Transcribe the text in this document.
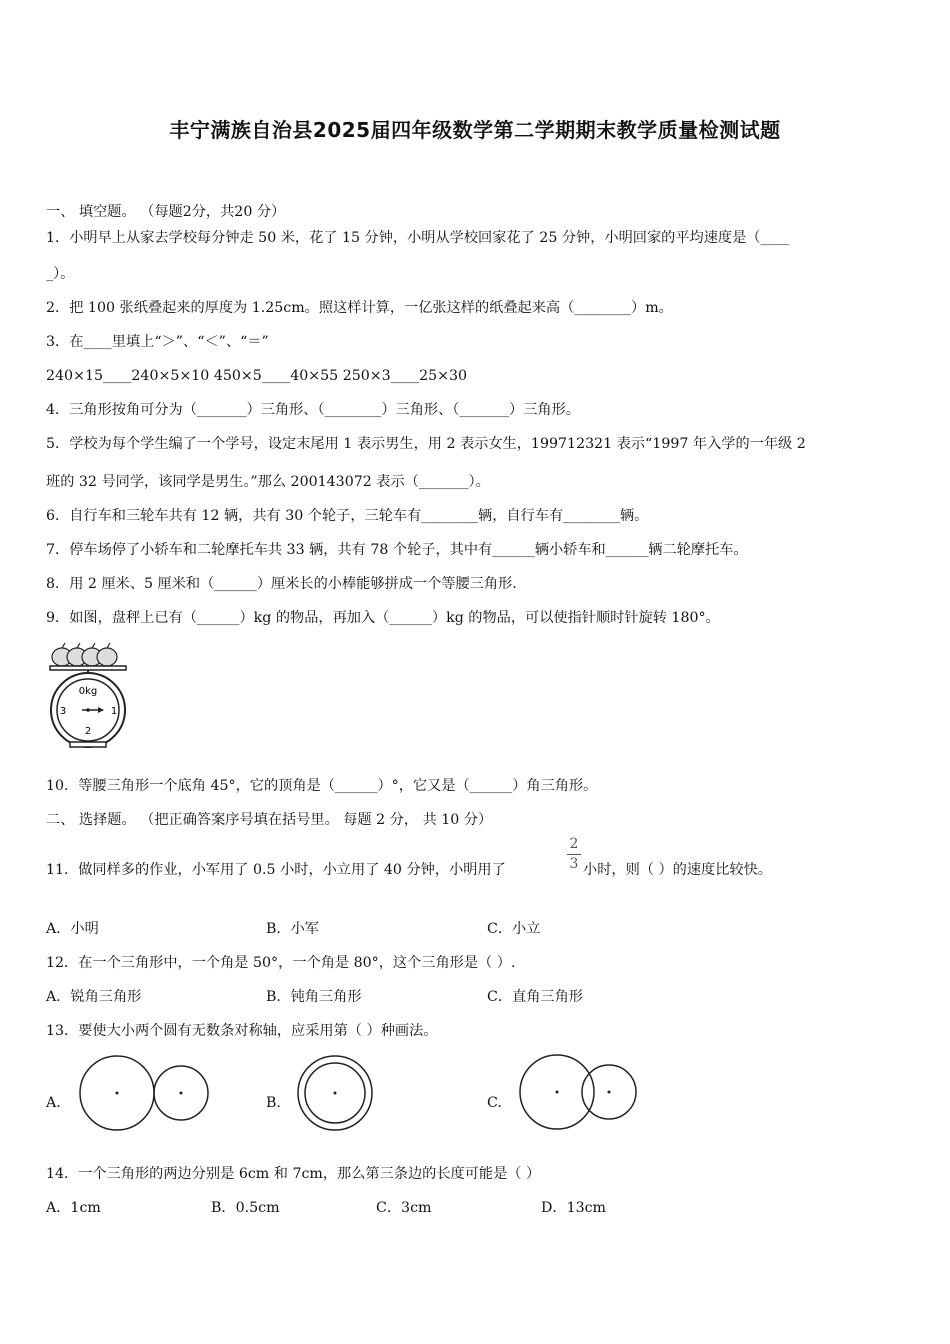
丰宁满族自治县2025届四年级数学第二学期期末教学质量检测试题
一、 填空题。 （每题2分，共20 分）
1．小明早上从家去学校每分钟走 50 米，花了 15 分钟，小明从学校回家花了 25 分钟，小明回家的平均速度是（____
_）。
2．把 100 张纸叠起来的厚度为 1.25cm。照这样计算，一亿张这样的纸叠起来高（________）m。
3．在____里填上“＞”、“＜”、“＝”
240×15____240×5×10 450×5____40×55 250×3____25×30
4．三角形按角可分为（_______）三角形、（________）三角形、（_______）三角形。
5．学校为每个学生编了一个学号，设定末尾用 1 表示男生，用 2 表示女生，199712321 表示“1997 年入学的一年级 2
班的 32 号同学，该同学是男生。”那么 200143072 表示（_______）。
6．自行车和三轮车共有 12 辆，共有 30 个轮子，三轮车有________辆，自行车有________辆。
7．停车场停了小轿车和二轮摩托车共 33 辆，共有 78 个轮子，其中有______辆小轿车和______辆二轮摩托车。
8．用 2 厘米、5 厘米和（______）厘米长的小棒能够拼成一个等腰三角形.
9．如图，盘秤上已有（______）kg 的物品，再加入（______）kg 的物品，可以使指针顺时针旋转 180°。
0kg
3	1
2
10．等腰三角形一个底角 45°，它的顶角是（______）°，它又是（______）角三角形。
二、 选择题。 （把正确答案序号填在括号里。 每题 2 分， 共 10 分）
11．做同样多的作业，小军用了 0.5 小时，小立用了 40 分钟，小明用了
2
3 小时，则（ ）的速度比较快。
A．小明	B．小军	C．小立
12．在一个三角形中，一个角是 50°，一个角是 80°，这个三角形是（ ）.
A．锐角三角形	B．钝角三角形	C．直角三角形
13．要使大小两个圆有无数条对称轴，应采用第（ ）种画法。
A.	B.	C.
14．一个三角形的两边分别是 6cm 和 7cm，那么第三条边的长度可能是（ ）
A．1cm	B．0.5cm	C．3cm	D．13cm
